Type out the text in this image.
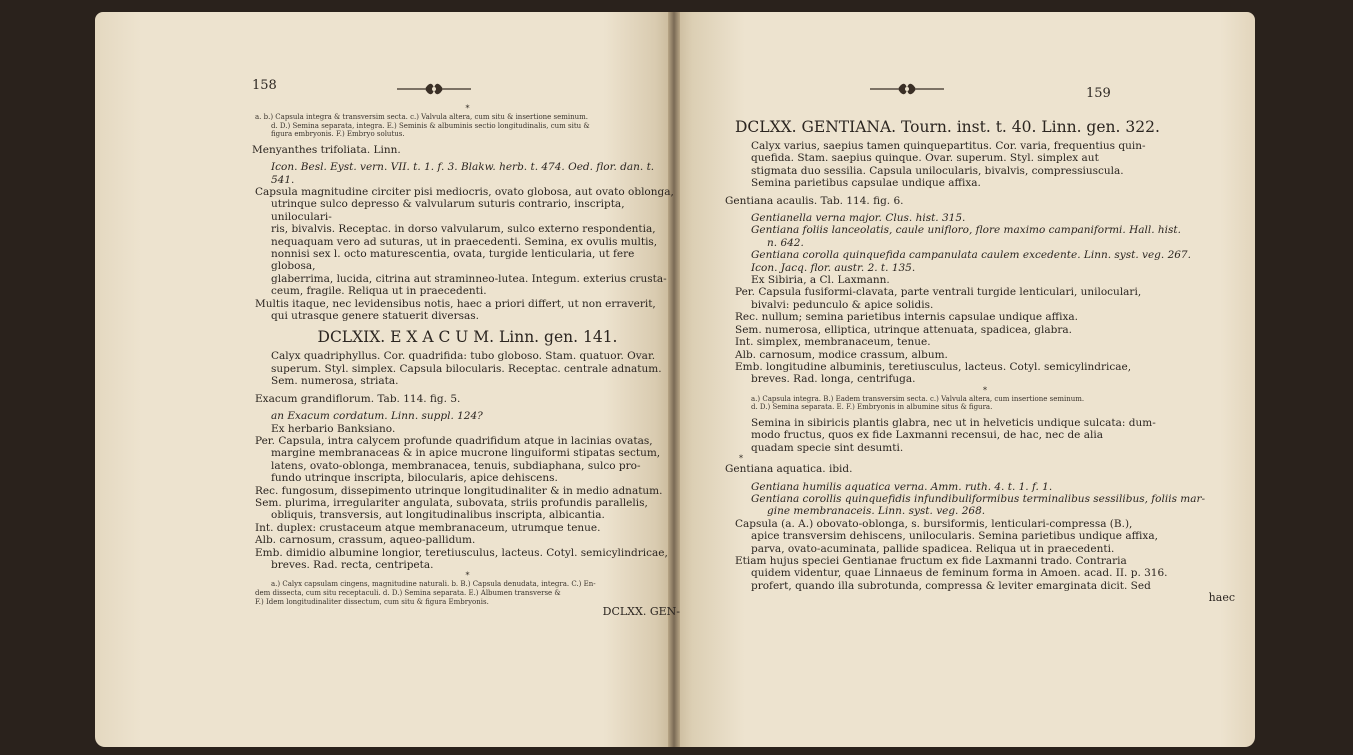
158

*

a. b.) Capsula integra & transversim secta. c.) Valvula altera, cum situ & insertione seminum.

d. D.) Semina separata, integra. E.) Seminis & albuminis sectio longitudinalis, cum situ &

figura embryonis. F.) Embryo solutus.

Menyanthes trifoliata. Linn.

Icon. Besl. Eyst. vern. VII. t. 1. f. 3. Blakw. herb. t. 474. Oed. flor. dan. t. 541.

Capsula magnitudine circiter pisi mediocris, ovato globosa, aut ovato oblonga,

utrinque sulco depresso & valvularum suturis contrario, inscripta, uniloculari-

ris, bivalvis. Receptac. in dorso valvularum, sulco externo respondentia,

nequaquam vero ad suturas, ut in praecedenti. Semina, ex ovulis multis,

nonnisi sex l. octo maturescentia, ovata, turgide lenticularia, ut fere globosa,

glaberrima, lucida, citrina aut straminneo-lutea. Integum. exterius crusta-

ceum, fragile. Reliqua ut in praecedenti.

Multis itaque, nec levidensibus notis, haec a priori differt, ut non erraverit,

qui utrasque genere statuerit diversas.

DCLXIX. E X A C U M. Linn. gen. 141.

Calyx quadriphyllus. Cor. quadrifida: tubo globoso. Stam. quatuor. Ovar.

superum. Styl. simplex. Capsula bilocularis. Receptac. centrale adnatum.

Sem. numerosa, striata.

Exacum grandiflorum. Tab. 114. fig. 5.

an Exacum cordatum. Linn. suppl. 124?

Ex herbario Banksiano.

Per. Capsula, intra calycem profunde quadrifidum atque in lacinias ovatas,

margine membranaceas & in apice mucrone linguiformi stipatas sectum,

latens, ovato-oblonga, membranacea, tenuis, subdiaphana, sulco pro-

fundo utrinque inscripta, bilocularis, apice dehiscens.

Rec. fungosum, dissepimento utrinque longitudinaliter & in medio adnatum.

Sem. plurima, irregulariter angulata, subovata, striis profundis parallelis,

obliquis, transversis, aut longitudinalibus inscripta, albicantia.

Int. duplex: crustaceum atque membranaceum, utrumque tenue.

Alb. carnosum, crassum, aqueo-pallidum.

Emb. dimidio albumine longior, teretiusculus, lacteus. Cotyl. semicylindricae,

breves. Rad. recta, centripeta.

*

a.) Calyx capsulam cingens, magnitudine naturali. b. B.) Capsula denudata, integra. C.) En-

dem dissecta, cum situ receptaculi. d. D.) Semina separata. E.) Albumen transverse &

F.) Idem longitudinaliter dissectum, cum situ & figura Embryonis.

DCLXX. GEN-

159

DCLXX. GENTIANA. Tourn. inst. t. 40. Linn. gen. 322.

Calyx varius, saepius tamen quinquepartitus. Cor. varia, frequentius quin-

quefida. Stam. saepius quinque. Ovar. superum. Styl. simplex aut

stigmata duo sessilia. Capsula unilocularis, bivalvis, compressiuscula.

Semina parietibus capsulae undique affixa.

Gentiana acaulis. Tab. 114. fig. 6.

Gentianella verna major. Clus. hist. 315.

Gentiana foliis lanceolatis, caule unifloro, flore maximo campaniformi. Hall. hist.

n. 642.

Gentiana corolla quinquefida campanulata caulem excedente. Linn. syst. veg. 267.

Icon. Jacq. flor. austr. 2. t. 135.

Ex Sibiria, a Cl. Laxmann.

Per. Capsula fusiformi-clavata, parte ventrali turgide lenticulari, uniloculari,

bivalvi: pedunculo & apice solidis.

Rec. nullum; semina parietibus internis capsulae undique affixa.

Sem. numerosa, elliptica, utrinque attenuata, spadicea, glabra.

Int. simplex, membranaceum, tenue.

Alb. carnosum, modice crassum, album.

Emb. longitudine albuminis, teretiusculus, lacteus. Cotyl. semicylindricae,

breves. Rad. longa, centrifuga.

*

a.) Capsula integra. B.) Eadem transversim secta. c.) Valvula altera, cum insertione seminum.

d. D.) Semina separata. E. F.) Embryonis in albumine situs & figura.

Semina in sibiricis plantis glabra, nec ut in helveticis undique sulcata: dum-

modo fructus, quos ex fide Laxmanni recensui, de hac, nec de alia

quadam specie sint desumti.

*

Gentiana aquatica. ibid.

Gentiana humilis aquatica verna. Amm. ruth. 4. t. 1. f. 1.

Gentiana corollis quinquefidis infundibuliformibus terminalibus sessilibus, foliis mar-

gine membranaceis. Linn. syst. veg. 268.

Capsula (a. A.) obovato-oblonga, s. bursiformis, lenticulari-compressa (B.),

apice transversim dehiscens, unilocularis. Semina parietibus undique affixa,

parva, ovato-acuminata, pallide spadicea. Reliqua ut in praecedenti.

Etiam hujus speciei Gentianae fructum ex fide Laxmanni trado. Contraria

quidem videntur, quae Linnaeus de feminum forma in Amoen. acad. II. p. 316.

profert, quando illa subrotunda, compressa & leviter emarginata dicit. Sed

haec
